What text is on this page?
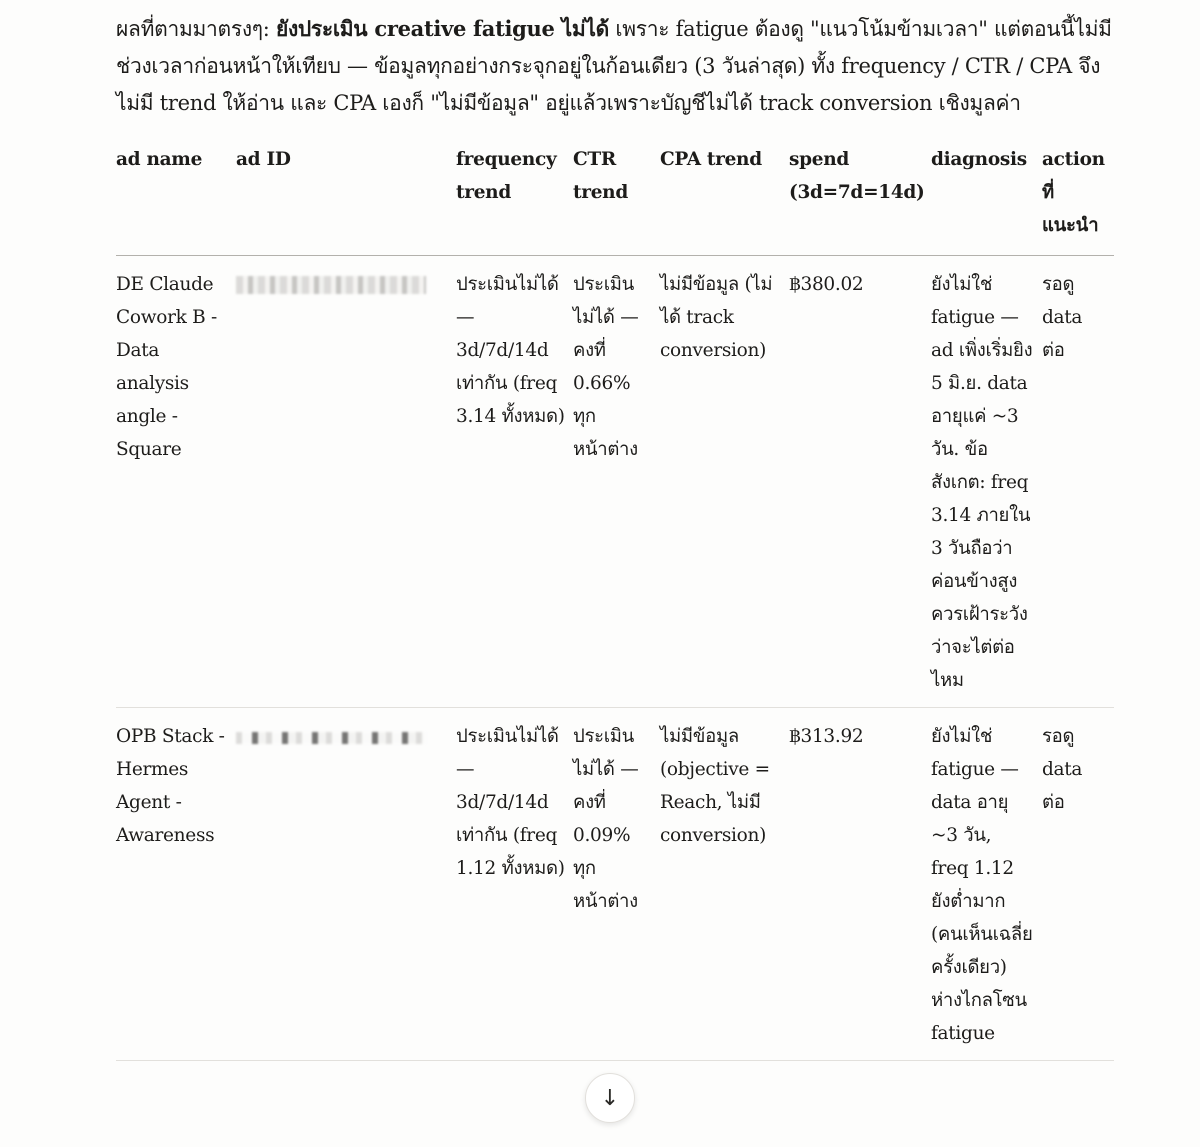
ผลที่ตามมาตรงๆ: ยังประเมิน creative fatigue ไม่ได้ เพราะ fatigue ต้องดู "แนวโน้มข้ามเวลา" แต่ตอนนี้ไม่มีช่วงเวลาก่อนหน้าให้เทียบ — ข้อมูลทุกอย่างกระจุกอยู่ในก้อนเดียว (3 วันล่าสุด) ทั้ง frequency / CTR / CPA จึงไม่มี trend ให้อ่าน และ CPA เองก็ "ไม่มีข้อมูล" อยู่แล้วเพราะบัญชีไม่ได้ track conversion เชิงมูลค่า

ad name	ad ID	frequency trend	CTR trend	CPA trend	spend (3d=7d=14d)	diagnosis	action ที่แนะนำ
DE Claude Cowork B - Data analysis angle - Square		ประเมินไม่ได้ — 3d/7d/14d เท่ากัน (freq 3.14 ทั้งหมด)	ประเมินไม่ได้ — คงที่ 0.66% ทุกหน้าต่าง	ไม่มีข้อมูล (ไม่ได้ track conversion)	฿380.02	ยังไม่ใช่ fatigue — ad เพิ่งเริ่มยิง 5 มิ.ย. data อายุแค่ ~3 วัน. ข้อสังเกต: freq 3.14 ภายใน 3 วันถือว่าค่อนข้างสูง ควรเฝ้าระวังว่าจะไต่ต่อไหม	รอดู data ต่อ
OPB Stack - Hermes Agent - Awareness		ประเมินไม่ได้ — 3d/7d/14d เท่ากัน (freq 1.12 ทั้งหมด)	ประเมินไม่ได้ — คงที่ 0.09% ทุกหน้าต่าง	ไม่มีข้อมูล (objective = Reach, ไม่มี conversion)	฿313.92	ยังไม่ใช่ fatigue — data อายุ ~3 วัน, freq 1.12 ยังต่ำมาก (คนเห็นเฉลี่ยครั้งเดียว) ห่างไกลโซน fatigue	รอดู data ต่อ
↓
